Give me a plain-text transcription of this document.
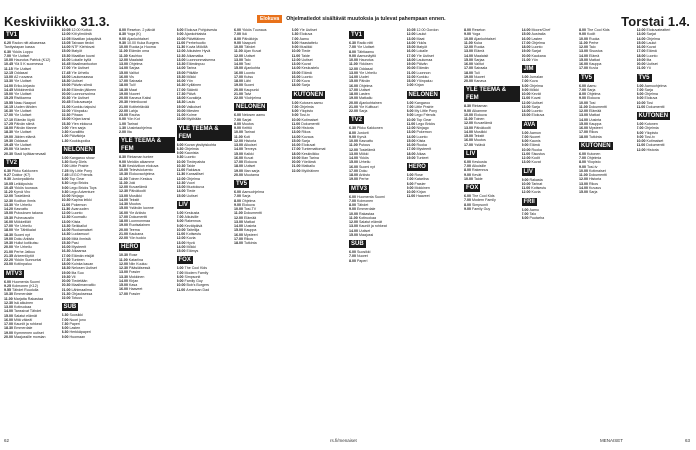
Keskiviikko 31.3.	Elokuva	Ohjelmatiedot sisältävät muutoksia ja tulevat pahempaan ennen.	Torstai 1.4.
TV1
6.20 Radon nitt aikasessa
Tanitystapan kassa
6.30 Ykkös Loppu
7.00 Yle Uutiset
10.00 Haurutus Patrick (K12)
10.45 Ylä 5 K suomessa
11.15 Yle Uutiset
12.15 Oddasat
13.00 A2 ruuvana
13.30 Yle Uutiset
14.00 Eriko-kirjasto
14.45 Mökkinenikä
15.00 Yle Uutiset
15.25 Ristikarma
15.55 Nasu Naapuri
16.15 Uuden tähden
16.30 Yle Uutiset
17.00 Yle Uutiset
17.10 Elämän löytö
17.25 Päivän silmä
18.00 Päivän tilanne
18.30 Yle Uutiset
19.00 Jäkten elämä
19.30 Oddasat
19.45 Yle Uutiset
20.00 Ylä lasten
20.30 Stadi kyläkarnevaali
TV2
6.30 Pikku Kakkonen
9.27 Doktor (K7)
9.30 Juniorpalkinto
10.05 Leikkipuisto
10.45 Ykkös tuunaus
11.20 Kyrvä Viro
12.00 Tosielämä
12.30 Koditon ihmis
13.30 Yle Urheilu
14.20 Kasvattu
15.00 Putouksen takana
15.30 Puheoaustin
16.00 Mökkeilläit
17.00 Yle Urheilu
18.00 Yle Tähtikalat
18.30 Suomi nyt
19.00 Doku Arkisto
19.30 Hullut kotikutsu
20.00 Yle Urheilu
21.00 Perhe Jatkuu
21.35 Arkeenlöytöt
22.20 Ykkön Sunnuntai
23.00 Kotiinpaluu
MTV3
6.00 Huomenta Suomi
9.25 Kolmonen (K12)
9.55 Tähdet Ruudulla
10.30 Emmerdale
11.00 Marjatta Rakastaa
12.30 Isä aikuinen
13.00 Kotiruokaa
14.00 Tanssivat Tähdet
15.00 Salatut elämät
16.00 Mitä väkeä!
17.00 Kauniit ja rohkeat
18.30 Emmerdale
19.00 Kymmenen uutiset
20.00 Maajussille morsian
10.05 12.00 Kotiuo
12.00 Kiti ylimöintä
12.05 Maatilan jokapäivä
13.05 Taivaan tiedot
14.00 NTF Kiehtovat
15.00 Iltatyöt
15.30 Maatilan kuvat
16.00 Lokalle kyllä
16.45 Maailmantuoton
17.00 Yle Uutiset
17.45 Yle Urheilu
18.00 Laulumaassa
18.30 Uutiset
19.00 Päivän silmä
19.30 Elämän jälkeen
20.00 Luonnonvoima
20.30 Yle Uutiset
20.45 Elokuvasarja
21.00 Kunkku taipuisi
22.00 Ylönpaluu
22.30 Pihaan
23.00 Kirjan kansi
23.30 Ylen elokuva
0.00 Ylen sarja
0.30 Kuvaliitto
1.00 Päiväkirja
1.30 Koukkupoika
NELONEN
6.00 Kangaroo show
6.30 Burly Diels
7.00 Little Prairie
7.25 My Little Pony
7.45 LEGO Friends
8.00 Top Gear
8.30 Lego Bricks
9.00 Lego Bricks Toys
9.30 Lego Adventure
10.00 Ninjago
10.30 Kapina leikki
11.00 Pokemon
11.30 Avaruuden
12.00 Luonto
12.30 Kuumailu
13.00 Kiista
13.30 Seikkailut
14.00 Ruokamaiset
14.30 Luolamuuri
15.00 Mitä ihmistä
15.30 Pasi
16.00 Mysteerit
16.30 Aikaansa
17.00 Elämän etsijät
17.30 Tunteen
18.00 Kuinka kauan
18.30 Nelosen Uutiset
19.00 Ilta Suo
19.30 Vii
20.00 Tiedetään
20.30 Maailmanvaltio
21.00 Lähimaailma
21.30 Ohjauksessa
22.00 Totuus
SUB
6.30 Suosikki
7.00 Nuori jono
7.30 Paperi
8.00 Lasten
8.30 Herkkäpaperi
9.00 Huomaan
8.00 Reseton. 2 päivät
8.30 Yoga (K)
9.00 Ajankohtaiset
9.30 10.00 Kuka Burgers
10.00 Ruoka ja Huoma
11.00 Elämän oma
11.30 Kauhtoo
12.00 Maalaisit
13.00 Ohjelma
14.00 Sarjaa
15.00 Valitut
16.00 Vis
17.00 Sairaala
18.00 Tuli!
18.30 Maat
19.00 Nuoret
20.00 Kanava Kaksi
20.30 Helmikuvat
21.00 Kotitehtävää
22.00 Lahja
23.00 Rauha
0.00 Yön Kot
1.00 Tarinat
1.30 Uusintaohjelma
2.00 Ilta
YLE TEEMA & FEM
8.30 Rintaman tuntee
9.00 Meidän aikamme
9.30 Keskiviikon elokuva
10.00 Televisioluento
10.30 Elokuvaohjelma
11.00 Toinen Keskus
11.30 Joki
12.00 Kuvaelämä
12.30 Päiväkodit
13.00 Musiikki
14.00 Tekstit
14.30 Muutos
15.00 Ystävän luonne
16.00 Yle Arkisto
17.00 Dokumentti
18.00 Luonnonmaa
19.00 Ruotsalainen
20.00 Teema
21.00 Kaukana
22.00 Yön tuokio
HERO
10.30 Rose
11.00 Katariina
12.00 Niin Kuuluu
12.30 Pääsiäisessä
13.00 Frasier
13.30 Mokkinen
14.00 Kirjan
15.00 Kasa
16.00 Haaveet
17.00 Frasier
8.00 Elokuva Pohjoisesta
9.00 Ajankohtaista
10.00 Päivittäinen
11.00 Perhehuolto
11.30 Kuvia Mökillä
12.00 Aikuisten Hyvä
12.30 Aikamatka
13.00 Luonnonmaisema
13.30 Elämänpuu
14.00 Tarina
15.00 Pitkälle
15.30 Mökki
16.00 Yön
16.30 Kylläinen
17.00 Sääntö
17.30 Päivä
18.00 Kuvakirja
18.30 Laulu
19.00 Valkoiset
20.00 Miesten
21.00 Kolme
22.00 Myöhään
YLE TEEMA & FEM
8.00 Kuvan yksityiskohta
8.30 Ohjelmia
9.00 Kaunista
9.30 Luonto
10.00 Tiedepalsta
10.30 Taide
11.00 Rakkaus
11.30 Kansalliset
12.00 Ohjelma
12.30 Vuori
13.00 Muotokuva
14.00 Tiede
15.00 Uutiset
LIV
6.00 Keskusta
7.00 Aikuisille
8.00 Rakennus
9.00 Kevätpäivä
10.00 Taiteilija
11.00 Kotiseutu
12.00 Kuvia
13.00 Hyvä
14.00 Mökki
15.00 Elämys
FOX
6.00 The Cool Kids
7.00 Modern Family
8.00 Simpsonit
9.00 Family Guy
10.00 Bob's Burgers
11.00 American Dad
6.00 Ykkös Tuunaus
7.00 Ikä
8.00 Päiväkirja
9.00 Naapurit
10.00 Tähdet
11.00 Ajan Kuvat
12.00 Uutiset
13.00 Talo
14.00 Tosi
15.00 Ajankohta
16.00 Luonto
17.00 Kutsu
18.00 Lähi
19.00 Suomi
20.00 Kaupunki
21.00 Talvi
22.00 Yöohjelma
NELONEN
6.00 Nelosen aamu
7.00 Sarjat
8.00 Muutos
9.00 Keittiö
10.00 Tarinat
11.00 Koti
12.00 Historia
13.00 Aikuiset
14.00 Terveys
15.00 Kaikki
16.00 Kuvat
17.00 Elokuva
18.00 Uutiset
19.00 Illan sarja
20.00 Muutama
TV5
6.00 Aamuohjelma
7.00 Sarja
8.00 Ohjelma
9.00 Elokuva
10.00 Tosi-TV
11.00 Dokumentti
12.00 Elämää
13.00 Matkat
14.00 Uusinta
15.00 Kauppa
16.00 Mysteeri
17.00 Rikos
18.00 Tutkinta
6.00 Yle Uutiset
6.30 Elokuva
7.00 Aamu
8.00 Haastattelu
9.00 Musiikki
10.00 Tiede
11.00 Taide
12.00 Uutiset
13.00 Kuvat
14.00 Keskustelu
15.00 Elämä
16.00 Luonto
17.00 Kuva
18.00 Sarja
KUTONEN
6.00 Kutosen aamu
7.00 Ohjelmia
8.00 Yliopisto
9.00 Tosi-tv
10.00 Kotimaiset
11.00 Dokumentti
12.00 Historia
13.00 Rikos
14.00 Kuvaus
15.00 Sarja
16.00 Elokuvat
17.00 Tuntemattomat
18.00 Keskiviikko
19.00 Illan Tarina
20.00 Yöelämä
21.00 Matkailu
22.00 Myöhäinen
TV1
6.30 Radio nitti
7.00 Yle Uutiset
8.00 Tähtiaamu
9.00 Aamunäyttö
10.00 Haurutus
11.00 Ykkösen
12.00 Oddasat
13.00 Yle Urheilu
14.00 Uudet
15.00 Päivän
16.00 Ohjelma
17.00 Uutiset
18.00 Lasten
19.00 Matkailu
20.00 Ajankohtainen
21.00 Yle Kulttuuri
22.00 Sarja
TV2
6.30 Pikku Kakkonen
8.00 Juniorit
9.00 Kyrvä
10.00 Kasvattu
11.00 Putous
12.00 Tosielämä
13.00 Mökki
14.00 Ykkös
15.00 Urheilu
16.00 Suomi nyt
17.00 Doku
18.00 Arkisto
19.00 Perhe
MTV3
6.00 Huomenta Suomi
7.00 Kolmonen
8.00 Tähdet
9.00 Emmerdale
10.00 Rakastaa
11.00 Kotiruokaa
12.00 Salatut elämät
13.00 Kauniit ja rohkeat
14.00 Uutiset
15.00 Maajussi
SUB
6.00 Suosikki
7.00 Nuoret
8.00 Paperi
10.05 12.00 Gordon
12.00 Laulut
13.00 Maat
14.00 Ykkös
15.00 Iltatyöt
16.00 Lokalle
17.00 Yle Uutiset
18.00 Laulumaa
19.00 Päivän
20.00 Elämän
21.00 Luonnon
22.00 Kunkku
23.00 Ylönpaluu
0.00 Kirjan
NELONEN
6.00 Kangaroo
7.00 Little Prairie
8.00 My Little Pony
9.00 Lego Friends
10.00 Top Gear
11.00 Lego Bricks
12.00 Ninjago
13.00 Pokemon
14.00 Luonto
15.00 Kiista
16.00 Ruoka
17.00 Mysteerit
18.00 Aikaa
19.00 Tunteet
HERO
6.00 Rose
7.00 Katariina
8.00 Frasier
9.00 Mokkinen
10.00 Kirjan
11.00 Haaveet
8.00 Reseton
9.00 Yoga
10.00 Ajankohtaiset
11.00 Kuka
12.00 Ruoka
13.00 Elämä
14.00 Maalaisit
15.00 Sarjaa
16.00 Valitut
17.00 Sairaala
18.00 Tuli
19.00 Nuoret
20.00 Kanava
YLE TEEMA & FEM
8.30 Rintaman
9.00 Aikamme
10.00 Elokuva
11.00 Toinen
12.00 Kuvaelämä
13.00 Päiväkodit
14.00 Musiikki
15.00 Tekstit
16.00 Muutos
17.00 Ystävä
LIV
6.00 Keskusta
7.00 Aikuisille
8.00 Rakennus
9.00 Kevät
10.00 Taide
FOX
6.00 The Cool Kids
7.00 Modern Family
8.00 Simpsonit
9.00 Family Guy
14.00 Moore/Chef
15.00 Australia
16.00 Lasten
17.00 Ohjelma
18.00 Luonto
19.00 Sarjat
20.00 Kaukana
21.00 Yön
JIM
6.00 Jumalan
7.00 Kuva
8.00 Ohjelma
9.00 Mökki
10.00 Kevät
11.00 Kuvat
12.00 Uutiset
13.00 Sarja
14.00 Luonto
15.00 Elokuva
AVA
6.00 Aamun
7.00 Nuoret
8.00 Kaunis
9.00 Elämä
10.00 Ruoka
11.00 Sisustus
12.00 Kodit
13.00 Kuvat
LIV
9.00 Rakasta
10.00 Tarinat
11.00 Kotiseutu
12.00 Kuvia
FRII
6.00 Aamu
7.00 Talo
8.00 Puutarha
8.00 The Cool Kids
9.00 Kodit
10.00 Ruoka
11.00 Perhe
12.00 Talo
13.00 Sisustus
14.00 Elämä
15.00 Matkat
16.00 Kauppa
17.00 Kuvia
TV5
6.00 Aamu
7.00 Sarja
8.00 Ohjelma
9.00 Elokuva
10.00 Tosi
11.00 Dokumentti
12.00 Elämää
13.00 Matkat
14.00 Uusinta
15.00 Kauppa
16.00 Mysteeri
17.00 Rikos
18.00 Tutkinta
KUTONEN
6.00 Kutonen
7.00 Ohjelmia
8.00 Yliopisto
9.00 Tosi-tv
10.00 Kotimaiset
11.00 Dokumentti
12.00 Historia
13.00 Rikos
14.00 Kuvaus
15.00 Sarja
12.00 Elokuvateatteri
13.00 Sarjat
14.00 Ohjelma
15.00 Laulut
16.00 Kuvat
17.00 Elämä
18.00 Luonto
19.00 Ilta
20.00 Uutiset
21.00 Yö
TV5
6.00 Aamuohjelma
7.00 Sarja
8.00 Ohjelma
9.00 Elokuva
10.00 Tosi
11.00 Dokumentti
KUTONEN
6.00 Kutonen
7.00 Ohjelmia
8.00 Yliopisto
9.00 Tosi-tv
10.00 Kotimaiset
11.00 Dokumentti
12.00 Historia
62	rs.fi/menaiset	MENAISET	63
